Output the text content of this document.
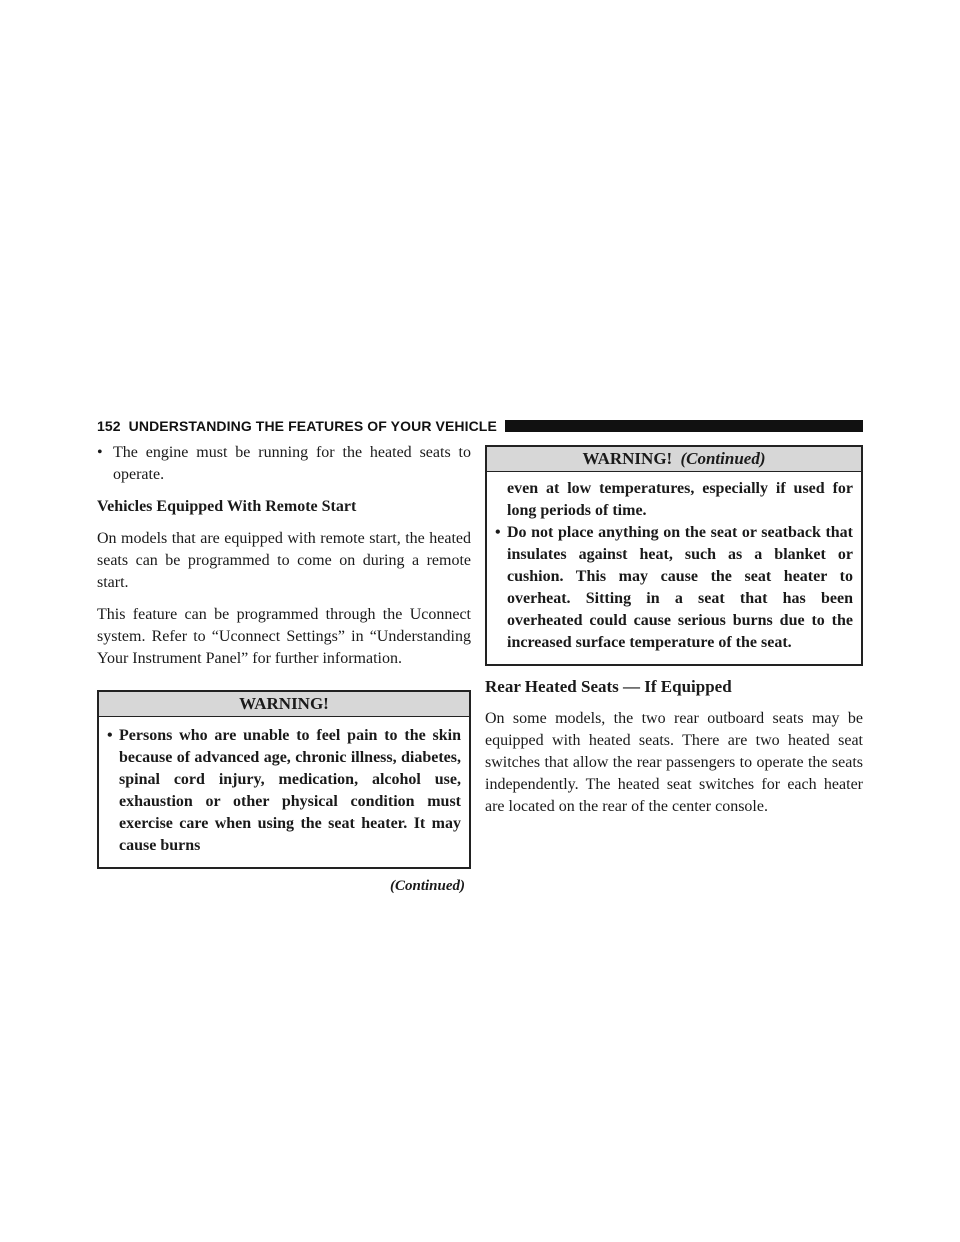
152 UNDERSTANDING THE FEATURES OF YOUR VEHICLE
• The engine must be running for the heated seats to operate.

Vehicles Equipped With Remote Start

On models that are equipped with remote start, the heated seats can be programmed to come on during a remote start.

This feature can be programmed through the Uconnect system. Refer to “Uconnect Settings” in “Understanding Your Instrument Panel” for further information.

WARNING!
• Persons who are unable to feel pain to the skin because of advanced age, chronic illness, diabetes, spinal cord injury, medication, alcohol use, exhaustion or other physical condition must exercise care when using the seat heater. It may cause burns
(Continued)
WARNING! (Continued)

even at low temperatures, especially if used for long periods of time.

• Do not place anything on the seat or seatback that insulates against heat, such as a blanket or cushion. This may cause the seat heater to overheat. Sitting in a seat that has been overheated could cause serious burns due to the increased surface temperature of the seat.

Rear Heated Seats — If Equipped

On some models, the two rear outboard seats may be equipped with heated seats. There are two heated seat switches that allow the rear passengers to operate the seats independently. The heated seat switches for each heater are located on the rear of the center console.
